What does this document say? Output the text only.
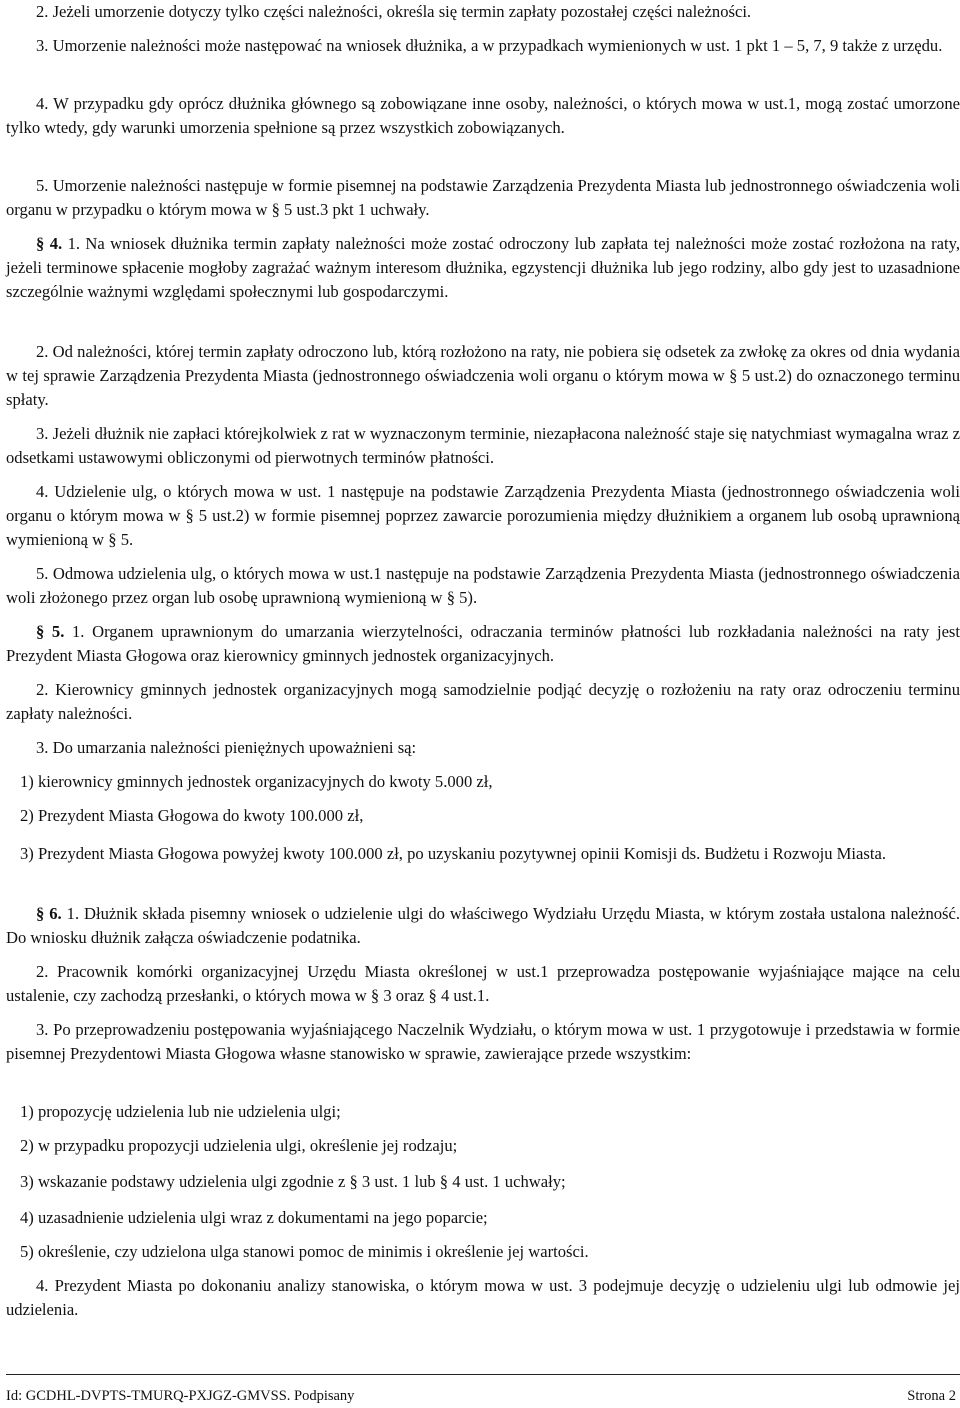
2. Jeżeli umorzenie dotyczy tylko części należności, określa się termin zapłaty pozostałej części należności.

3. Umorzenie należności może następować na wniosek dłużnika, a w przypadkach wymienionych w ust. 1 pkt 1 – 5, 7, 9 także z urzędu.

4. W przypadku gdy oprócz dłużnika głównego są zobowiązane inne osoby, należności, o których mowa w ust.1, mogą zostać umorzone tylko wtedy, gdy warunki umorzenia spełnione są przez wszystkich zobowiązanych.

5. Umorzenie należności następuje w formie pisemnej na podstawie Zarządzenia Prezydenta Miasta lub jednostronnego oświadczenia woli organu w przypadku o którym mowa w § 5 ust.3 pkt 1 uchwały.

§ 4. 1. Na wniosek dłużnika termin zapłaty należności może zostać odroczony lub zapłata tej należności może zostać rozłożona na raty, jeżeli terminowe spłacenie mogłoby zagrażać ważnym interesom dłużnika, egzystencji dłużnika lub jego rodziny, albo gdy jest to uzasadnione szczególnie ważnymi względami społecznymi lub gospodarczymi.

2. Od należności, której termin zapłaty odroczono lub, którą rozłożono na raty, nie pobiera się odsetek za zwłokę za okres od dnia wydania w tej sprawie Zarządzenia Prezydenta Miasta (jednostronnego oświadczenia woli organu o którym mowa w § 5 ust.2) do oznaczonego terminu spłaty.

3. Jeżeli dłużnik nie zapłaci którejkolwiek z rat w wyznaczonym terminie, niezapłacona należność staje się natychmiast wymagalna wraz z odsetkami ustawowymi obliczonymi od pierwotnych terminów płatności.

4. Udzielenie ulg, o których mowa w ust. 1 następuje na podstawie Zarządzenia Prezydenta Miasta (jednostronnego oświadczenia woli organu o którym mowa w § 5 ust.2) w formie pisemnej poprzez zawarcie porozumienia między dłużnikiem a organem lub osobą uprawnioną wymienioną w § 5.

5. Odmowa udzielenia ulg, o których mowa w ust.1 następuje na podstawie Zarządzenia Prezydenta Miasta (jednostronnego oświadczenia woli złożonego przez organ lub osobę uprawnioną wymienioną w § 5).

§ 5. 1. Organem uprawnionym do umarzania wierzytelności, odraczania terminów płatności lub rozkładania należności na raty jest Prezydent Miasta Głogowa oraz kierownicy gminnych jednostek organizacyjnych.

2. Kierownicy gminnych jednostek organizacyjnych mogą samodzielnie podjąć decyzję o rozłożeniu na raty oraz odroczeniu terminu zapłaty należności.

3. Do umarzania należności pieniężnych upoważnieni są:

1) kierownicy gminnych jednostek organizacyjnych do kwoty 5.000 zł,

2) Prezydent Miasta Głogowa do kwoty 100.000 zł,

3) Prezydent Miasta Głogowa powyżej kwoty 100.000 zł, po uzyskaniu pozytywnej opinii Komisji ds. Budżetu i Rozwoju Miasta.

§ 6. 1. Dłużnik składa pisemny wniosek o udzielenie ulgi do właściwego Wydziału Urzędu Miasta, w którym została ustalona należność. Do wniosku dłużnik załącza oświadczenie podatnika.

2. Pracownik komórki organizacyjnej Urzędu Miasta określonej w ust.1 przeprowadza postępowanie wyjaśniające mające na celu ustalenie, czy zachodzą przesłanki, o których mowa w § 3 oraz § 4 ust.1.

3. Po przeprowadzeniu postępowania wyjaśniającego Naczelnik Wydziału, o którym mowa w ust. 1 przygotowuje i przedstawia w formie pisemnej Prezydentowi Miasta Głogowa własne stanowisko w sprawie, zawierające przede wszystkim:

1) propozycję udzielenia lub nie udzielenia ulgi;

2) w przypadku propozycji udzielenia ulgi, określenie jej rodzaju;

3) wskazanie podstawy udzielenia ulgi zgodnie z § 3 ust. 1 lub § 4 ust. 1 uchwały;

4) uzasadnienie udzielenia ulgi wraz z dokumentami na jego poparcie;

5) określenie, czy udzielona ulga stanowi pomoc de minimis i określenie jej wartości.

4. Prezydent Miasta po dokonaniu analizy stanowiska, o którym mowa w ust. 3 podejmuje decyzję o udzieleniu ulgi lub odmowie jej udzielenia.

Id: GCDHL-DVPTS-TMURQ-PXJGZ-GMVSS. Podpisany	Strona 2
